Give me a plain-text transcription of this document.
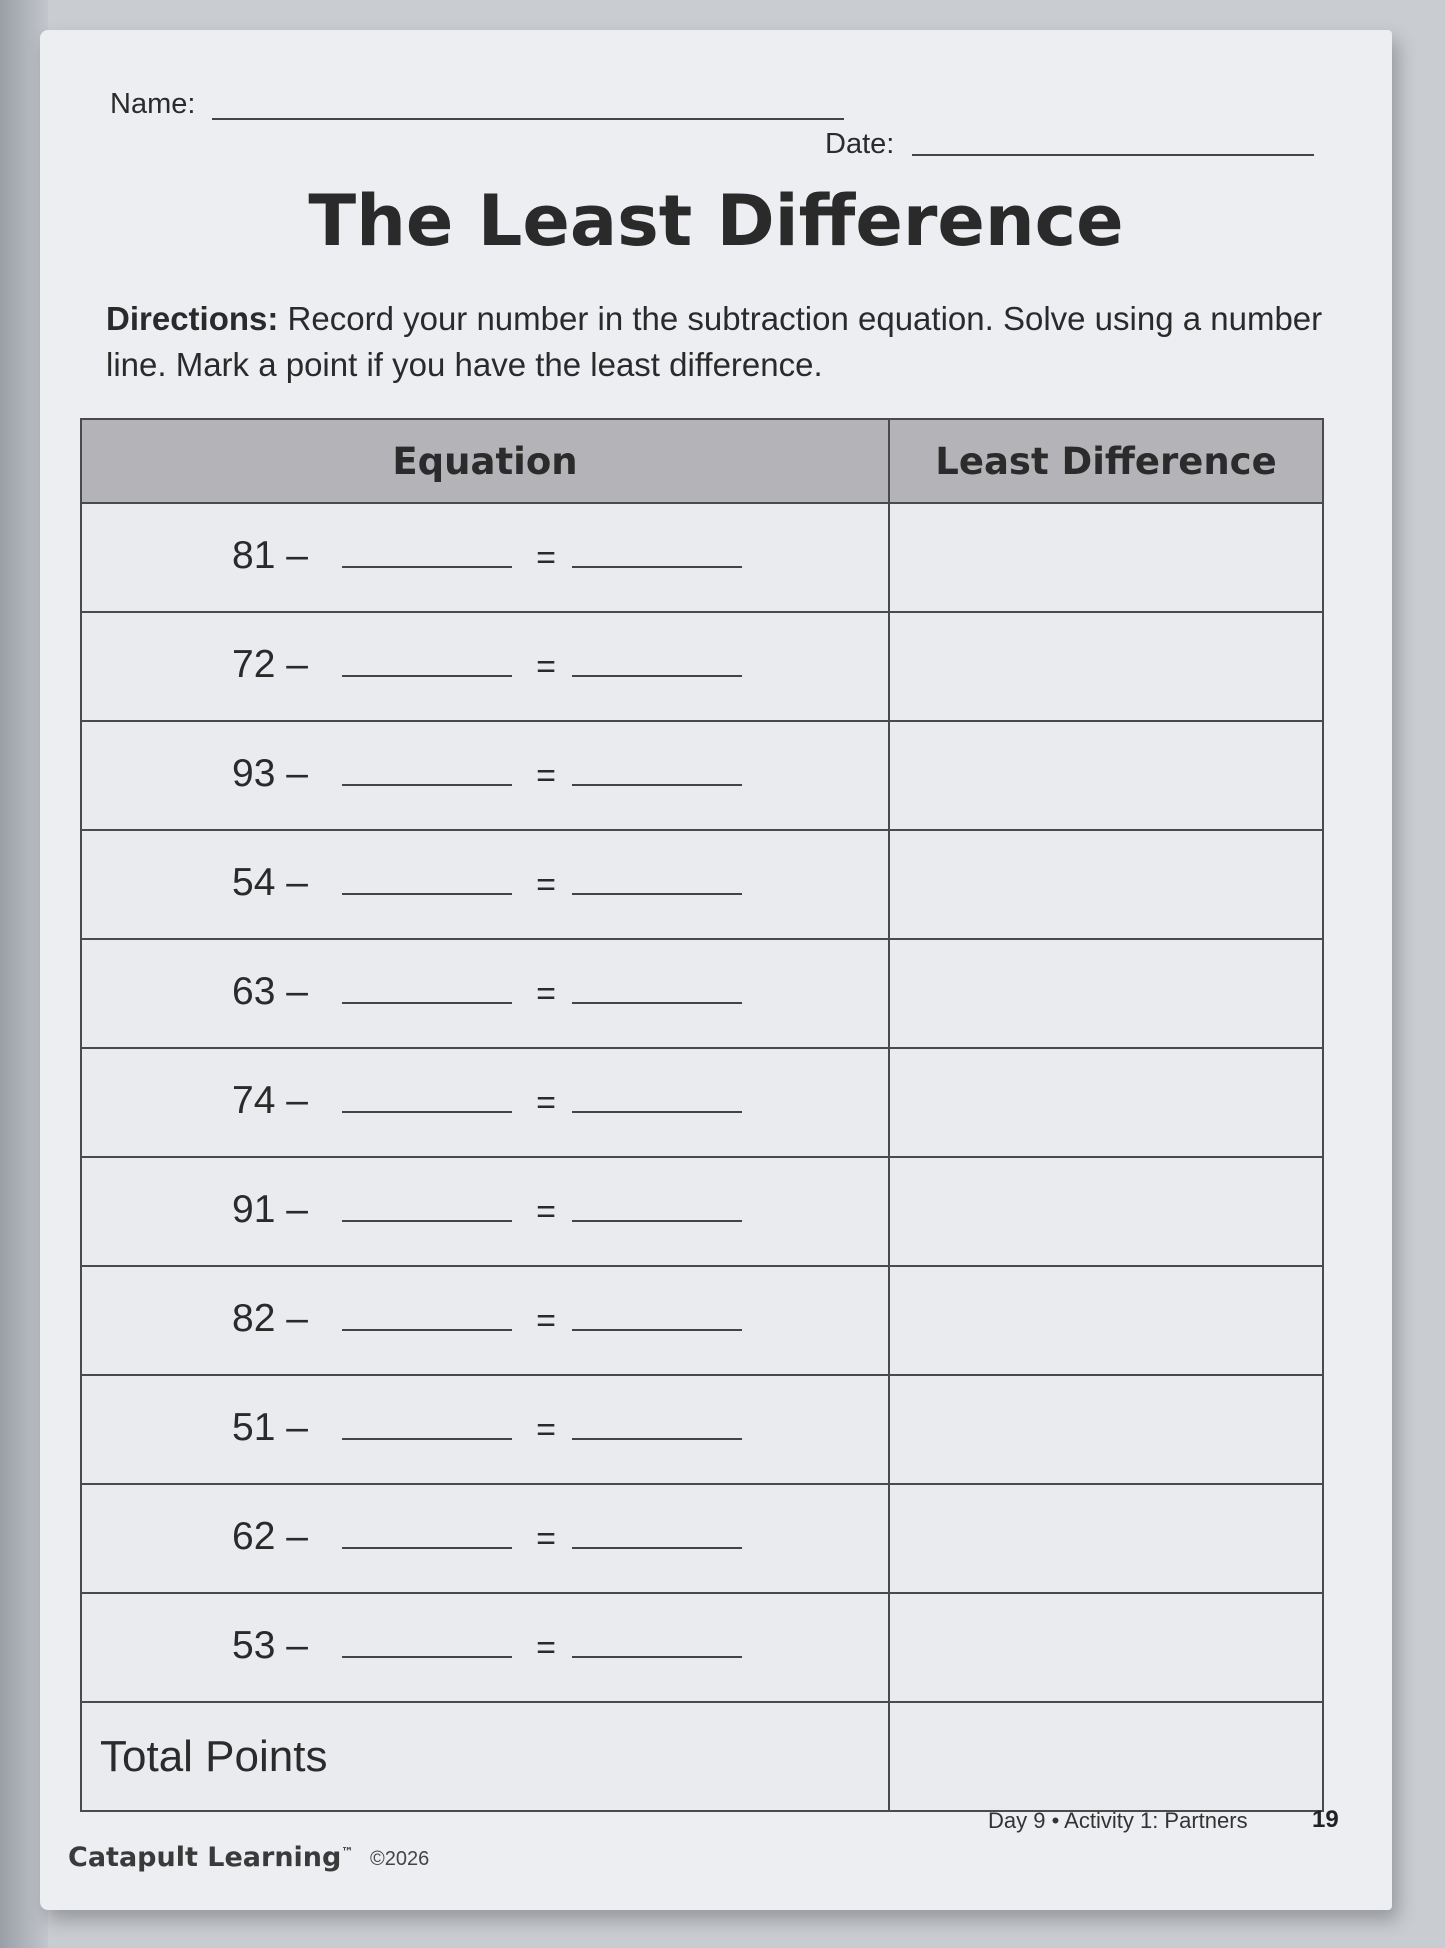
Name:
Date:
The Least Difference
Directions: Record your number in the subtraction equation. Solve using a number line. Mark a point if you have the least difference.
Equation	Least Difference

81 – =	

72 – =	

93 – =	

54 – =	

63 – =	

74 – =	

91 – =	

82 – =	

51 – =	

62 – =	

53 – =	

Total Points	
Day 9 • Activity 1: Partners	19
Catapult Learning™ ©2026
